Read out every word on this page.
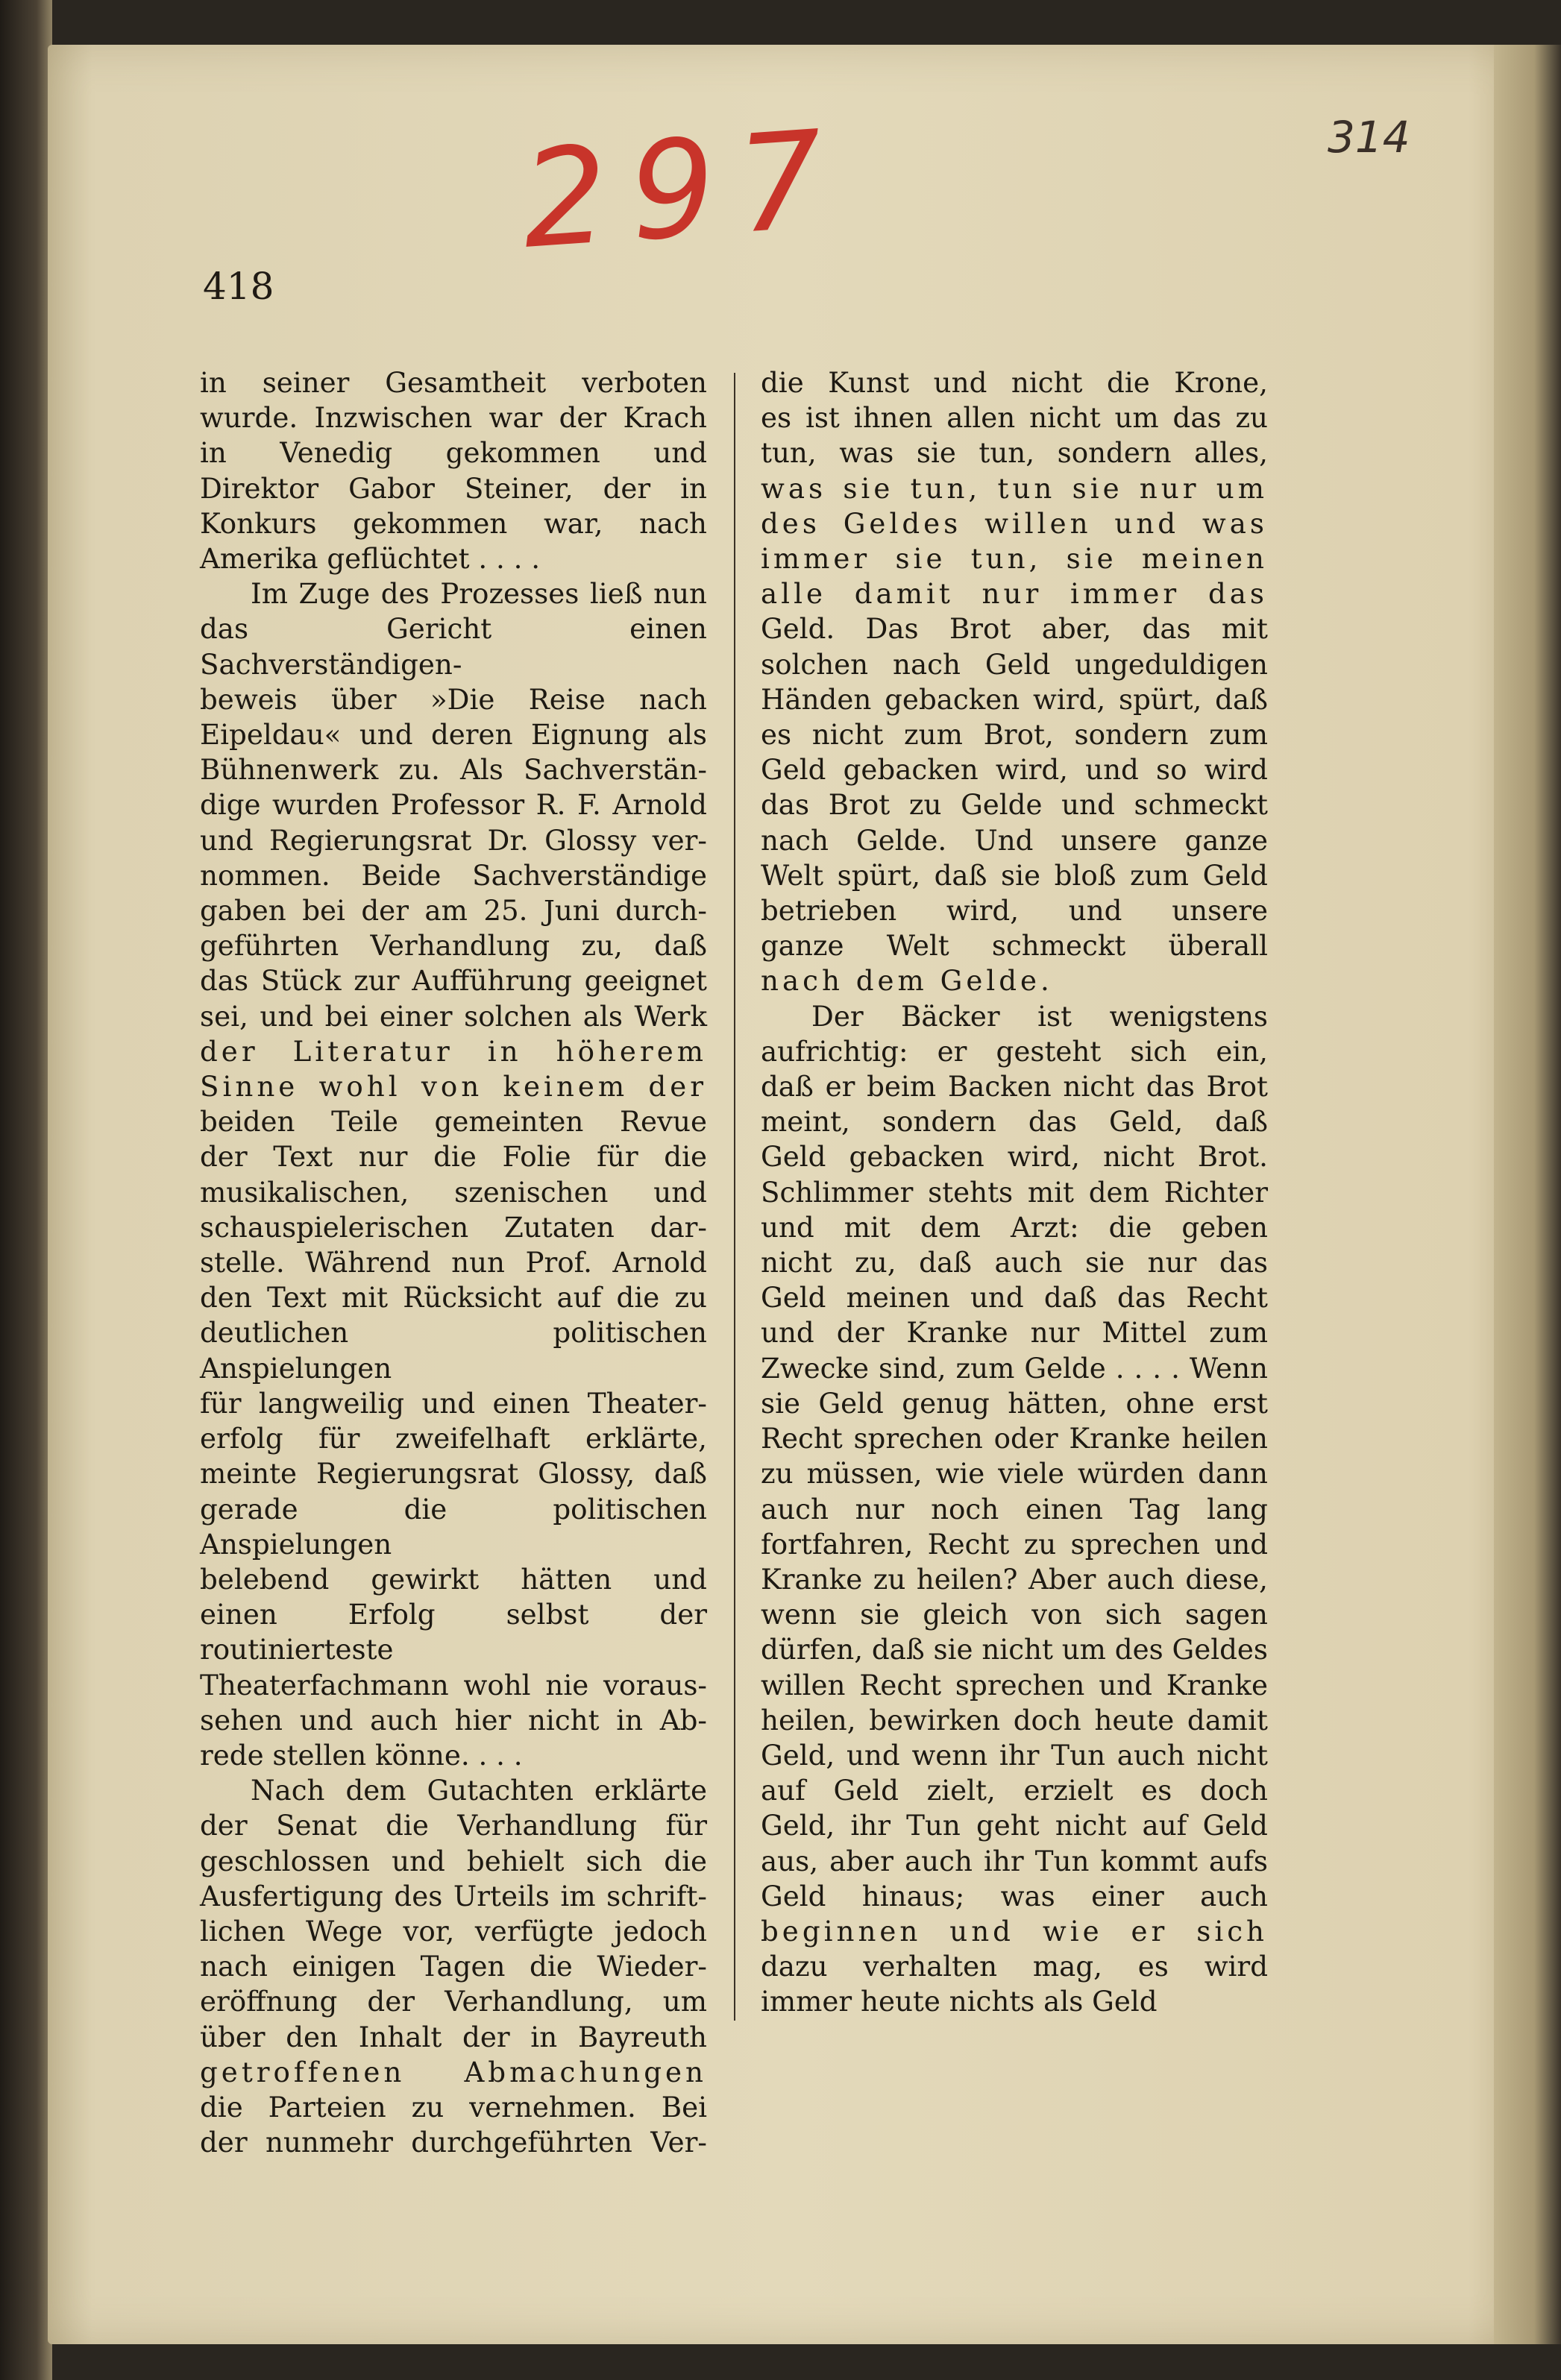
297	314
418

in seiner Gesamtheit verboten

wurde. Inzwischen war der Krach

in Venedig gekommen und

Direktor Gabor Steiner, der in

Konkurs gekommen war, nach

Amerika geflüchtet . . . .

Im Zuge des Prozesses ließ nun

das Gericht einen Sachverständigen-

beweis über »Die Reise nach

Eipeldau« und deren Eignung als

Bühnenwerk zu. Als Sachverstän-

dige wurden Professor R. F. Arnold

und Regierungsrat Dr. Glossy ver-

nommen. Beide Sachverständige

gaben bei der am 25. Juni durch-

geführten Verhandlung zu, daß

das Stück zur Aufführung geeignet

sei, und bei einer solchen als Werk

der Literatur in höherem

Sinne wohl von keinem der

beiden Teile gemeinten Revue

der Text nur die Folie für die

musikalischen, szenischen und

schauspielerischen Zutaten dar-

stelle. Während nun Prof. Arnold

den Text mit Rücksicht auf die zu

deutlichen politischen Anspielungen

für langweilig und einen Theater-

erfolg für zweifelhaft erklärte,

meinte Regierungsrat Glossy, daß

gerade die politischen Anspielungen

belebend gewirkt hätten und

einen Erfolg selbst der routinierteste

Theaterfachmann wohl nie voraus-

sehen und auch hier nicht in Ab-

rede stellen könne. . . .

Nach dem Gutachten erklärte

der Senat die Verhandlung für

geschlossen und behielt sich die

Ausfertigung des Urteils im schrift-

lichen Wege vor, verfügte jedoch

nach einigen Tagen die Wieder-

eröffnung der Verhandlung, um

über den Inhalt der in Bayreuth

getroffenen Abmachungen

die Parteien zu vernehmen. Bei

der nunmehr durchgeführten Ver-

die Kunst und nicht die Krone,

es ist ihnen allen nicht um das zu

tun, was sie tun, sondern alles,

was sie tun, tun sie nur um

des Geldes willen und was

immer sie tun, sie meinen

alle damit nur immer das

Geld. Das Brot aber, das mit

solchen nach Geld ungeduldigen

Händen gebacken wird, spürt, daß

es nicht zum Brot, sondern zum

Geld gebacken wird, und so wird

das Brot zu Gelde und schmeckt

nach Gelde. Und unsere ganze

Welt spürt, daß sie bloß zum Geld

betrieben wird, und unsere

ganze Welt schmeckt überall

nach dem Gelde.

Der Bäcker ist wenigstens

aufrichtig: er gesteht sich ein,

daß er beim Backen nicht das Brot

meint, sondern das Geld, daß

Geld gebacken wird, nicht Brot.

Schlimmer stehts mit dem Richter

und mit dem Arzt: die geben

nicht zu, daß auch sie nur das

Geld meinen und daß das Recht

und der Kranke nur Mittel zum

Zwecke sind, zum Gelde . . . . Wenn

sie Geld genug hätten, ohne erst

Recht sprechen oder Kranke heilen

zu müssen, wie viele würden dann

auch nur noch einen Tag lang

fortfahren, Recht zu sprechen und

Kranke zu heilen? Aber auch diese,

wenn sie gleich von sich sagen

dürfen, daß sie nicht um des Geldes

willen Recht sprechen und Kranke

heilen, bewirken doch heute damit

Geld, und wenn ihr Tun auch nicht

auf Geld zielt, erzielt es doch

Geld, ihr Tun geht nicht auf Geld

aus, aber auch ihr Tun kommt aufs

Geld hinaus; was einer auch

beginnen und wie er sich

dazu verhalten mag, es wird

immer heute nichts als Geld
